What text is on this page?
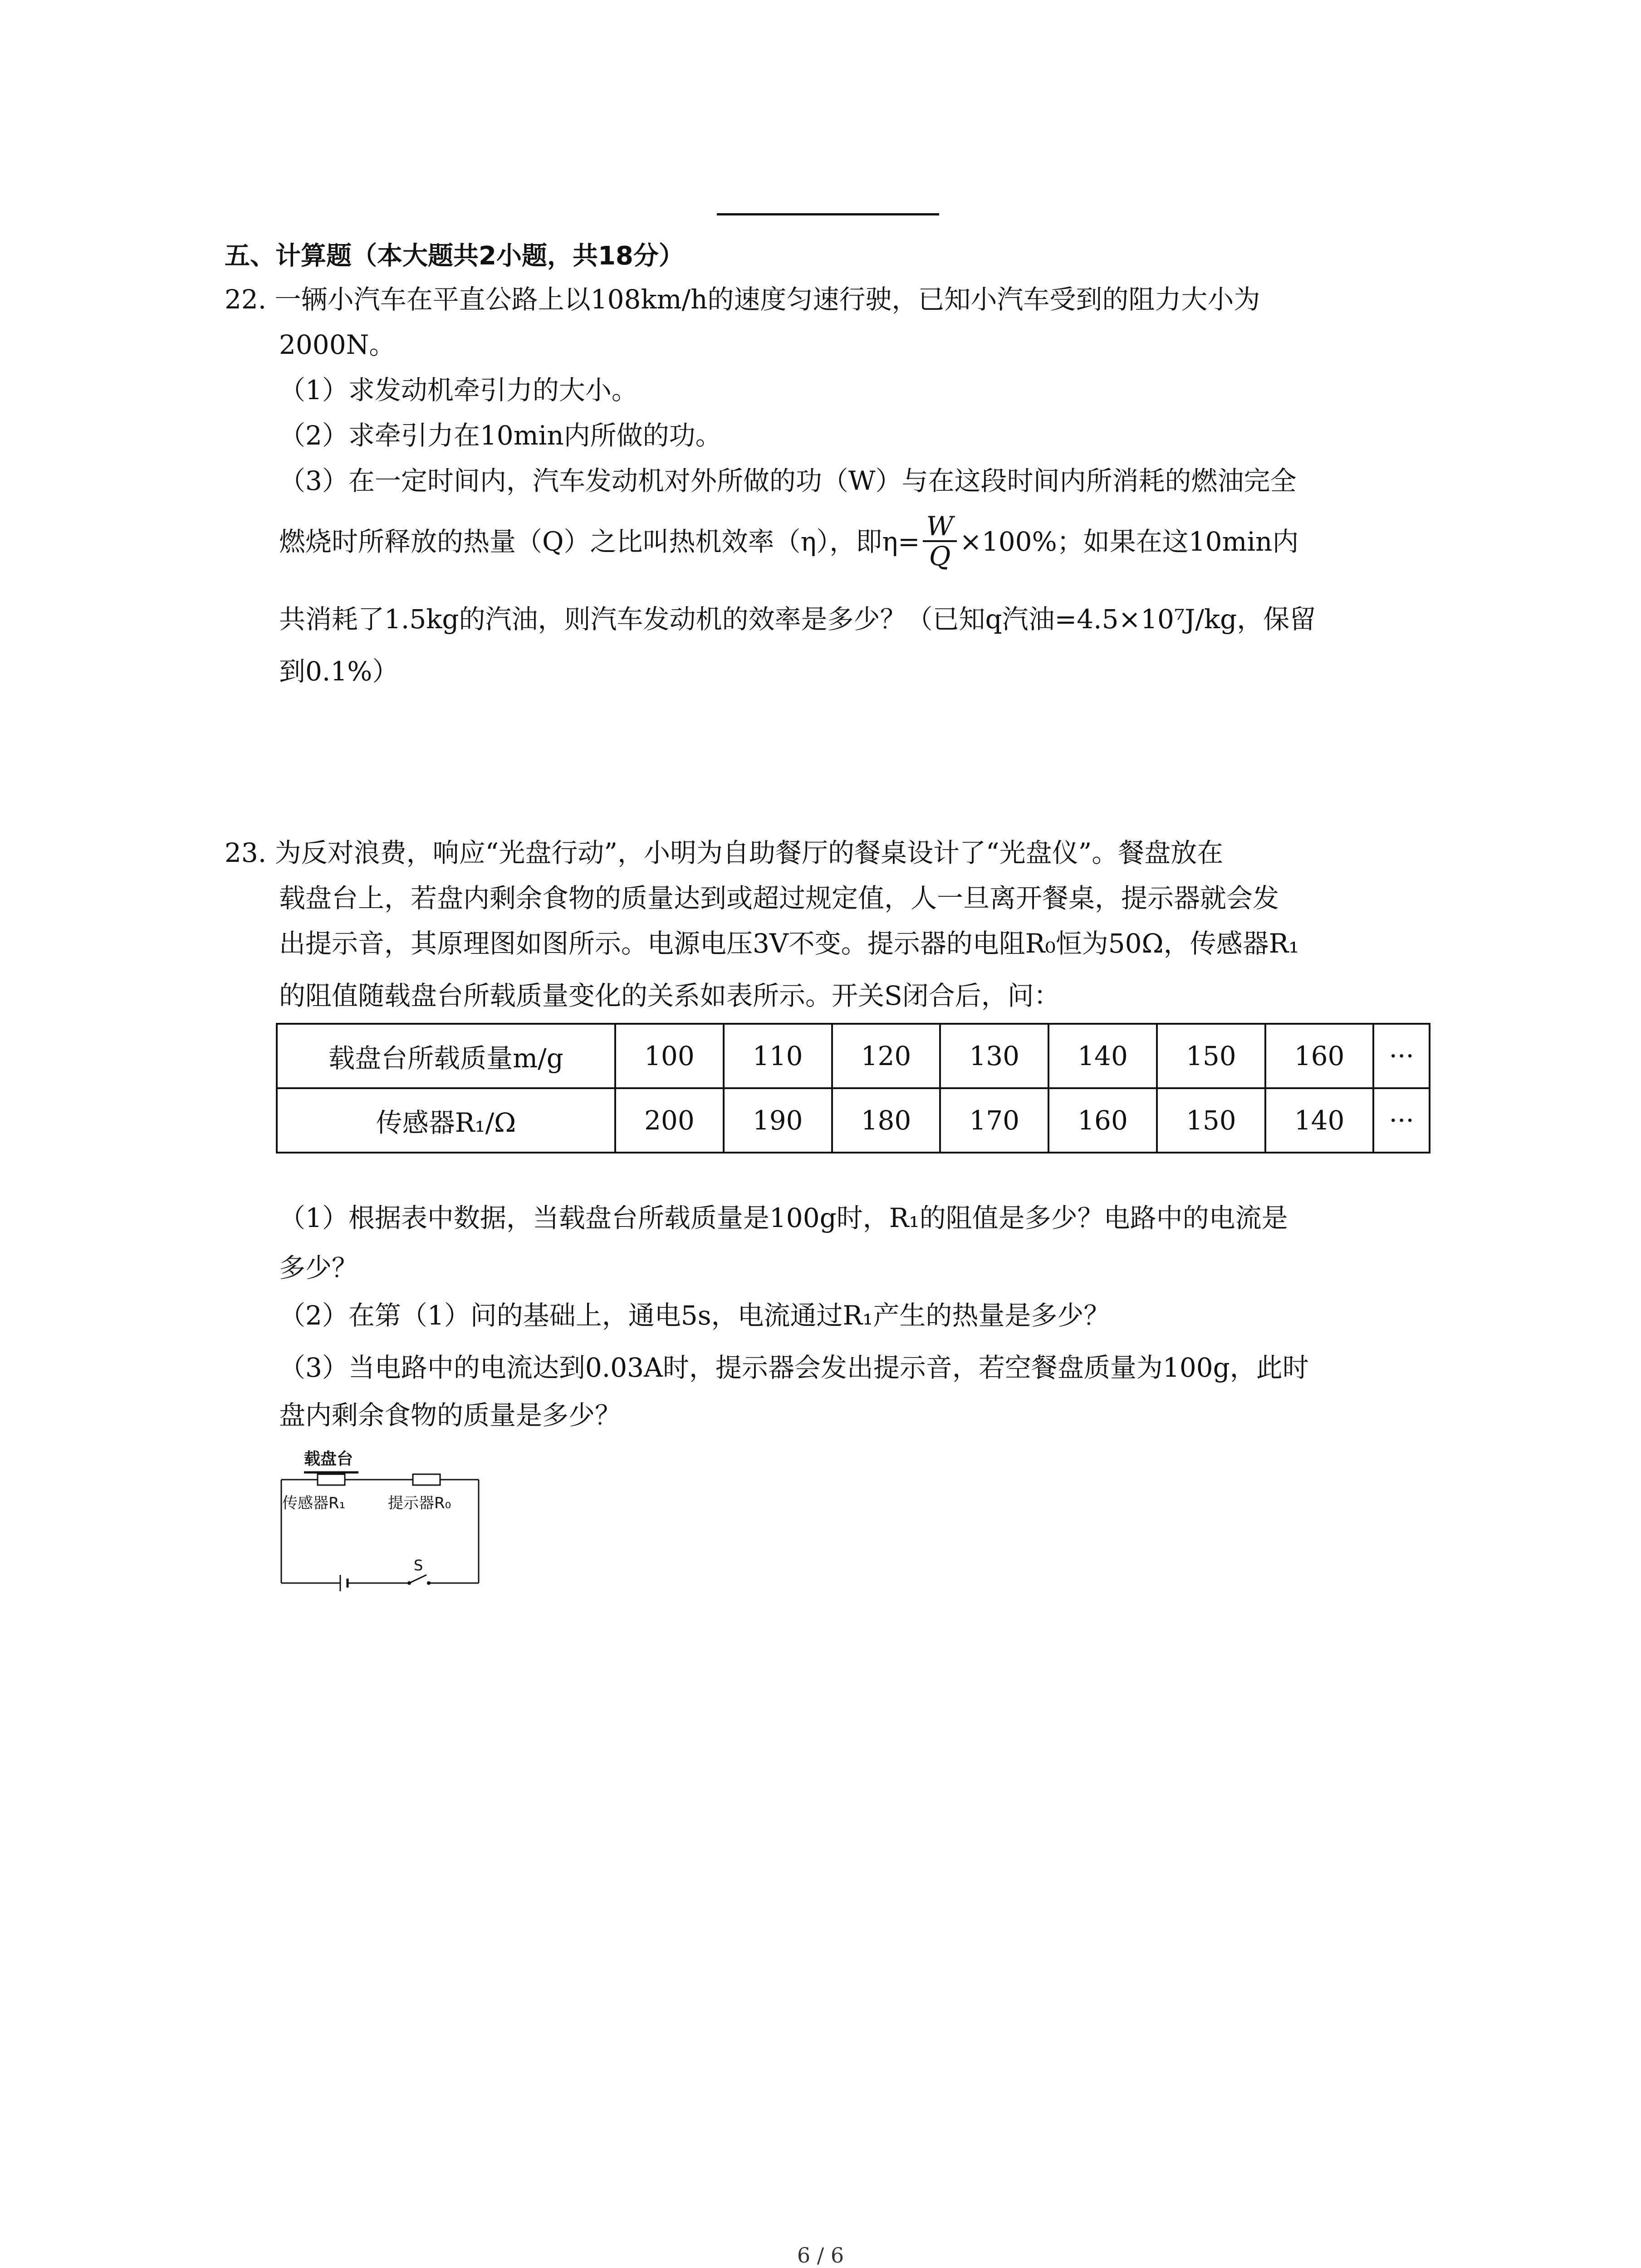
五、计算题（本大题共2小题，共18分）
22. 一辆小汽车在平直公路上以108km/h的速度匀速行驶，已知小汽车受到的阻力大小为
2000N。
（1）求发动机牵引力的大小。
（2）求牵引力在10min内所做的功。
（3）在一定时间内，汽车发动机对外所做的功（W）与在这段时间内所消耗的燃油完全
燃烧时所释放的热量（Q）之比叫热机效率（η），即$\eta= \frac{W}{Q} \times 100\%$；如果在这10min内
共消耗了1.5kg的汽油，则汽车发动机的效率是多少？（已知q汽油=4.5×10⁷J/kg，保留
到0.1%）
23. 为反对浪费，响应“光盘行动”，小明为自助餐厅的餐桌设计了“光盘仪”。餐盘放在
载盘台上，若盘内剩余食物的质量达到或超过规定值，人一旦离开餐桌，提示器就会发
出提示音，其原理图如图所示。电源电压3V不变。提示器的电阻R₀恒为50Ω，传感器R₁
的阻值随载盘台所载质量变化的关系如表所示。开关S闭合后，问：
载盘台所载质量m/g	100	110	120	130	140	150	160	···
传感器R₁/Ω	200	190	180	170	160	150	140	···
（1）根据表中数据，当载盘台所载质量是100g时，R₁的阻值是多少？电路中的电流是
多少？
（2）在第（1）问的基础上，通电5s，电流通过R₁产生的热量是多少？
（3）当电路中的电流达到0.03A时，提示器会发出提示音，若空餐盘质量为100g，此时
盘内剩余食物的质量是多少？
载盘台
传感器R₁	提示器R₀
S
6 / 6
